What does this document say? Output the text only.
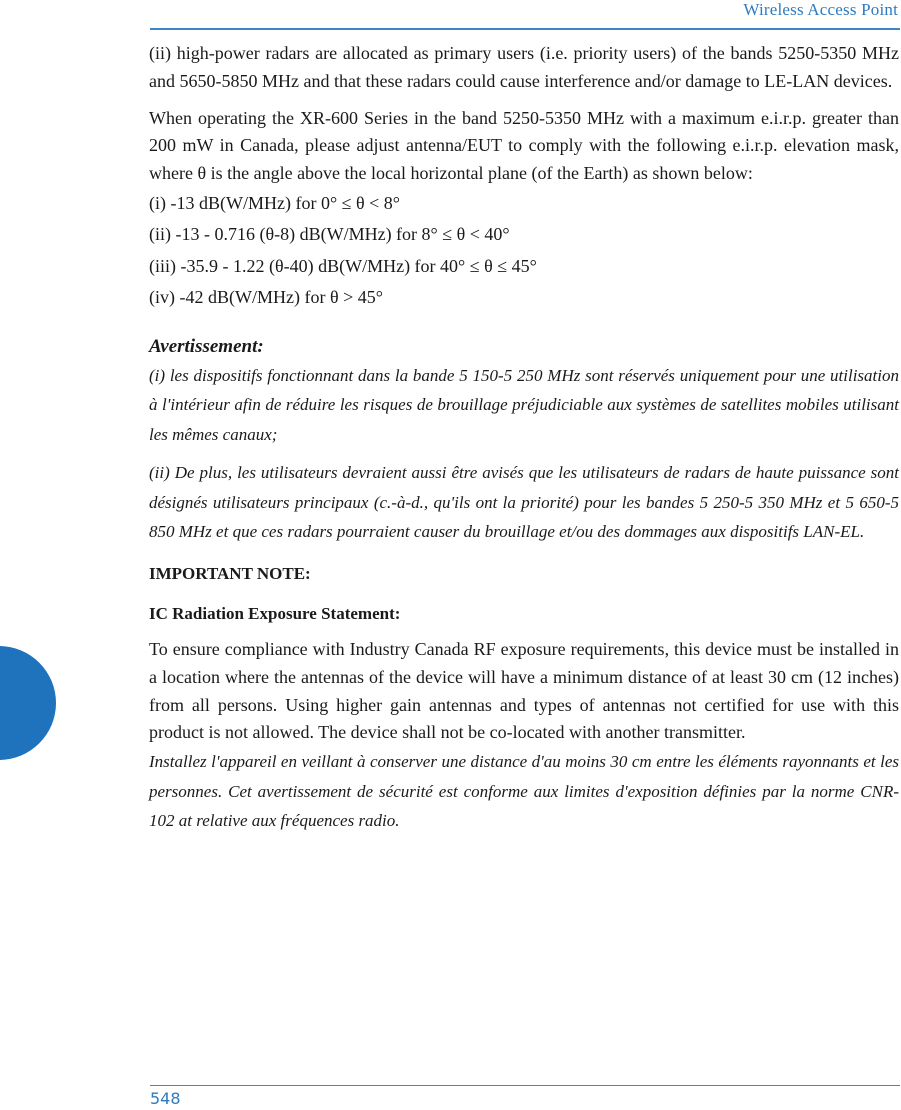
Wireless Access Point

(ii) high-power radars are allocated as primary users (i.e. priority users) of the bands 5250-5350 MHz and 5650-5850 MHz and that these radars could cause interference and/or damage to LE-LAN devices.

When operating the XR-600 Series in the band 5250-5350 MHz with a maximum e.i.r.p. greater than 200 mW in Canada, please adjust antenna/EUT to comply with the following e.i.r.p. elevation mask, where θ is the angle above the local horizontal plane (of the Earth) as shown below:

(i) -13 dB(W/MHz) for 0° ≤ θ < 8°

(ii) -13 - 0.716 (θ-8) dB(W/MHz) for 8° ≤ θ < 40°

(iii) -35.9 - 1.22 (θ-40) dB(W/MHz) for 40° ≤ θ ≤ 45°

(iv) -42 dB(W/MHz) for θ > 45°

Avertissement:

(i) les dispositifs fonctionnant dans la bande 5 150-5 250 MHz sont réservés uniquement pour une utilisation à l'intérieur afin de réduire les risques de brouillage préjudiciable aux systèmes de satellites mobiles utilisant les mêmes canaux;

(ii) De plus, les utilisateurs devraient aussi être avisés que les utilisateurs de radars de haute puissance sont désignés utilisateurs principaux (c.-à-d., qu'ils ont la priorité) pour les bandes 5 250-5 350 MHz et 5 650-5 850 MHz et que ces radars pourraient causer du brouillage et/ou des dommages aux dispositifs LAN-EL.

IMPORTANT NOTE:

IC Radiation Exposure Statement:

To ensure compliance with Industry Canada RF exposure requirements, this device must be installed in a location where the antennas of the device will have a minimum distance of at least 30 cm (12 inches) from all persons. Using higher gain antennas and types of antennas not certified for use with this product is not allowed. The device shall not be co-located with another transmitter.

Installez l'appareil en veillant à conserver une distance d'au moins 30 cm entre les éléments rayonnants et les personnes. Cet avertissement de sécurité est conforme aux limites d'exposition définies par la norme CNR-102 at relative aux fréquences radio.

548
